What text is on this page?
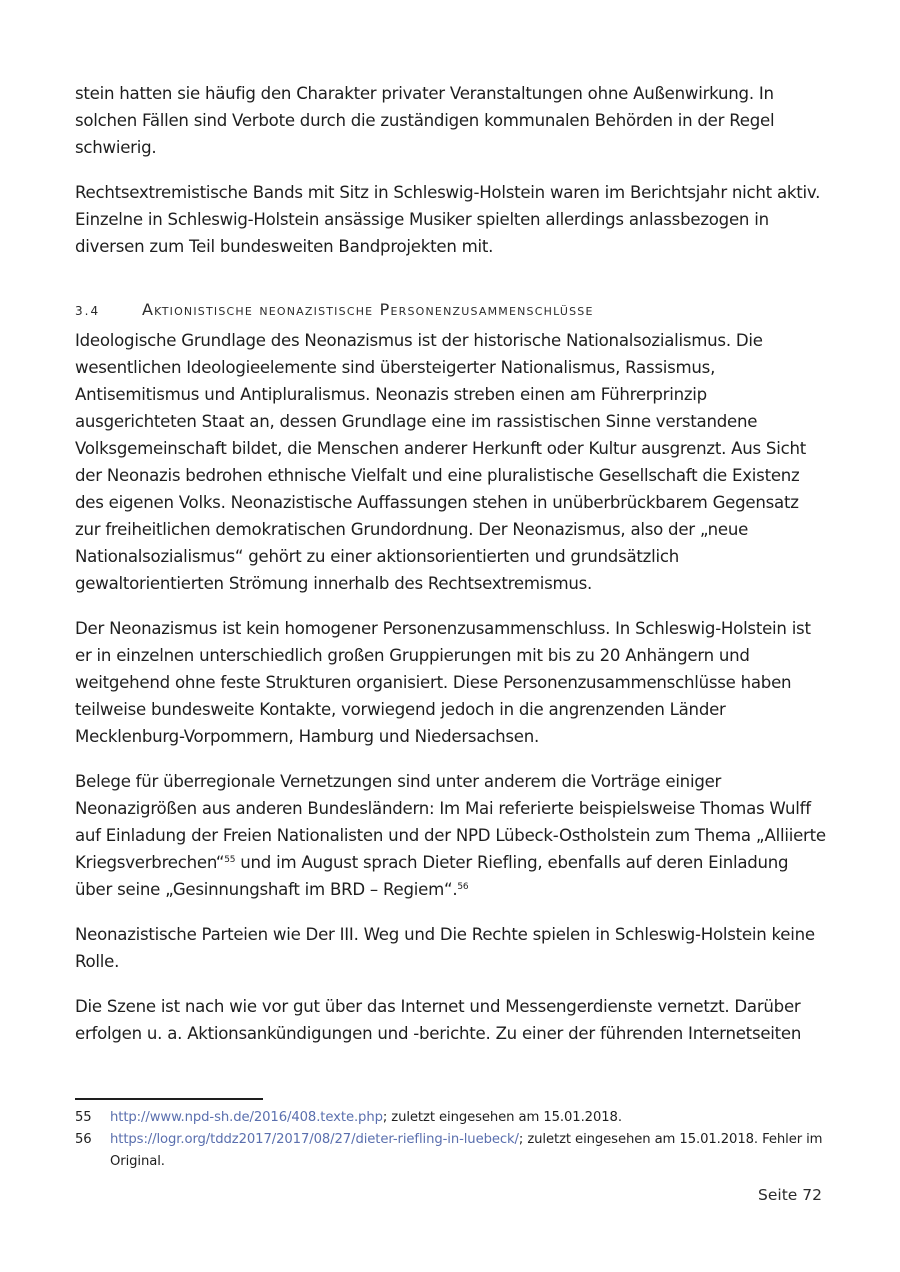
stein hatten sie häufig den Charakter privater Veranstaltungen ohne Außenwirkung. In solchen Fällen sind Verbote durch die zuständigen kommunalen Behörden in der Regel schwierig.

Rechtsextremistische Bands mit Sitz in Schleswig-Holstein waren im Berichtsjahr nicht aktiv. Einzelne in Schleswig-Holstein ansässige Musiker spielten allerdings anlassbezogen in diversen zum Teil bundesweiten Bandprojekten mit.

3.4	Aktionistische neonazistische Personenzusammenschlüsse

Ideologische Grundlage des Neonazismus ist der historische Nationalsozialismus. Die wesentlichen Ideologieelemente sind übersteigerter Nationalismus, Rassismus, Antisemitismus und Antipluralismus. Neonazis streben einen am Führerprinzip ausgerichteten Staat an, dessen Grundlage eine im rassistischen Sinne verstandene Volksgemeinschaft bildet, die Menschen anderer Herkunft oder Kultur ausgrenzt. Aus Sicht der Neonazis bedrohen ethnische Vielfalt und eine pluralistische Gesellschaft die Existenz des eigenen Volks. Neonazistische Auffassungen stehen in unüberbrückbarem Gegensatz zur freiheitlichen demokratischen Grundordnung. Der Neonazismus, also der „neue Nationalsozialismus“ gehört zu einer aktionsorientierten und grundsätzlich gewaltorientierten Strömung innerhalb des Rechtsextremismus.

Der Neonazismus ist kein homogener Personenzusammenschluss. In Schleswig-Holstein ist er in einzelnen unterschiedlich großen Gruppierungen mit bis zu 20 Anhängern und weitgehend ohne feste Strukturen organisiert. Diese Personenzusammenschlüsse haben teilweise bundesweite Kontakte, vorwiegend jedoch in die angrenzenden Länder Mecklenburg-Vorpommern, Hamburg und Niedersachsen.

Belege für überregionale Vernetzungen sind unter anderem die Vorträge einiger Neonazigrößen aus anderen Bundesländern: Im Mai referierte beispielsweise Thomas Wulff auf Einladung der Freien Nationalisten und der NPD Lübeck-Ostholstein zum Thema „Alliierte Kriegsverbrechen“$^{55}$ und im August sprach Dieter Riefling, ebenfalls auf deren Einladung über seine „Gesinnungshaft im BRD – Regiem“.$^{56}$

Neonazistische Parteien wie Der III. Weg und Die Rechte spielen in Schleswig-Holstein keine Rolle.

Die Szene ist nach wie vor gut über das Internet und Messengerdienste vernetzt. Darüber erfolgen u. a. Aktionsankündigungen und -berichte. Zu einer der führenden Internetseiten

55	http://www.npd-sh.de/2016/408.texte.php; zuletzt eingesehen am 15.01.2018.
56	https://logr.org/tddz2017/2017/08/27/dieter-riefling-in-luebeck/; zuletzt eingesehen am 15.01.2018. Fehler im Original.
Seite 72
